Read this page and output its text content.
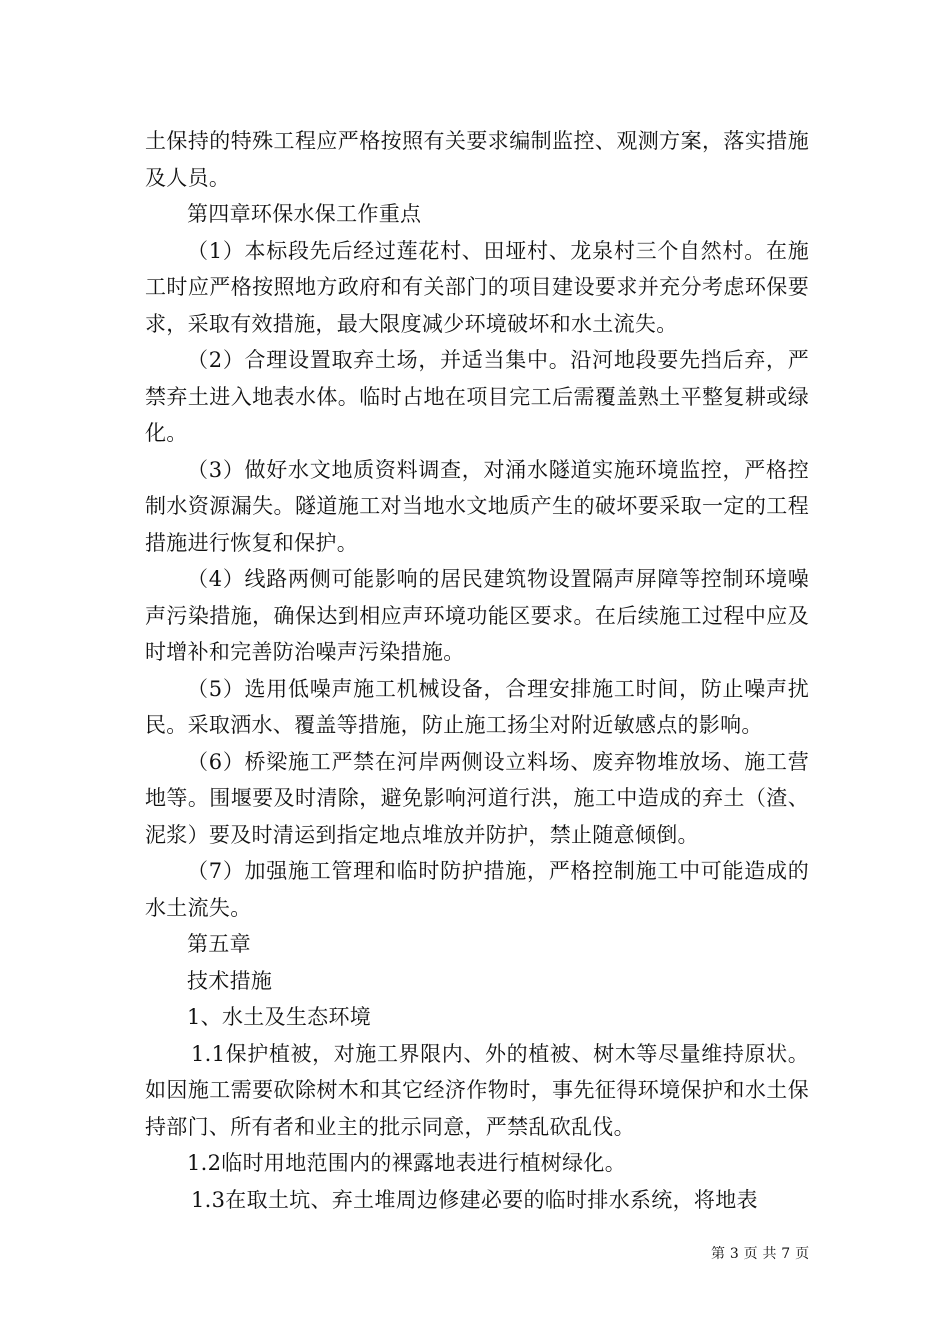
土保持的特殊工程应严格按照有关要求编制监控、观测方案，落实措施及人员。

第四章环保水保工作重点

（1）本标段先后经过莲花村、田垭村、龙泉村三个自然村。在施工时应严格按照地方政府和有关部门的项目建设要求并充分考虑环保要求，采取有效措施，最大限度减少环境破坏和水土流失。

（2）合理设置取弃土场，并适当集中。沿河地段要先挡后弃，严禁弃土进入地表水体。临时占地在项目完工后需覆盖熟土平整复耕或绿化。

（3）做好水文地质资料调查，对涌水隧道实施环境监控，严格控制水资源漏失。隧道施工对当地水文地质产生的破坏要采取一定的工程措施进行恢复和保护。

（4）线路两侧可能影响的居民建筑物设置隔声屏障等控制环境噪声污染措施，确保达到相应声环境功能区要求。在后续施工过程中应及时增补和完善防治噪声污染措施。

（5）选用低噪声施工机械设备，合理安排施工时间，防止噪声扰民。采取洒水、覆盖等措施，防止施工扬尘对附近敏感点的影响。

（6）桥梁施工严禁在河岸两侧设立料场、废弃物堆放场、施工营地等。围堰要及时清除，避免影响河道行洪，施工中造成的弃土（渣、泥浆）要及时清运到指定地点堆放并防护，禁止随意倾倒。

（7）加强施工管理和临时防护措施，严格控制施工中可能造成的水土流失。

第五章

技术措施

1、水土及生态环境

1.1保护植被，对施工界限内、外的植被、树木等尽量维持原状。如因施工需要砍除树木和其它经济作物时，事先征得环境保护和水土保持部门、所有者和业主的批示同意，严禁乱砍乱伐。

1.2临时用地范围内的裸露地表进行植树绿化。

1.3在取土坑、弃土堆周边修建必要的临时排水系统，将地表

第 3 页 共 7 页
